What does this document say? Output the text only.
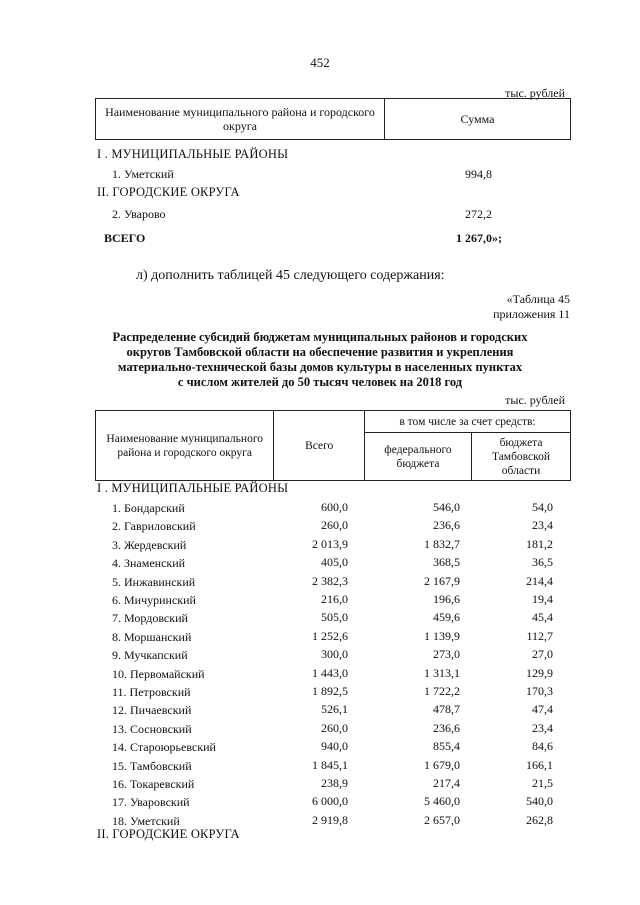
452
тыс. рублей
Наименование муниципального района и городского округа	Сумма
I . МУНИЦИПАЛЬНЫЕ РАЙОНЫ
1. Уметский	994,8
II. ГОРОДСКИЕ ОКРУГА
2. Уварово	272,2
ВСЕГО	1 267,0»;
л) дополнить таблицей 45 следующего содержания:
«Таблица 45
приложения 11
Распределение субсидий бюджетам муниципальных районов и городских
округов Тамбовской области на обеспечение развития и укрепления
материально-технической базы домов культуры в населенных пунктах
с числом жителей до 50 тысяч человек на 2018 год
тыс. рублей
Наименование муниципального района и городского округа	Всего	в том числе за счет средств:	
		федерального бюджета	бюджета Тамбовской области
I . МУНИЦИПАЛЬНЫЕ РАЙОНЫ
1. Бондарский	600,0	546,0	54,0
2. Гавриловский	260,0	236,6	23,4
3. Жердевский	2 013,9	1 832,7	181,2
4. Знаменский	405,0	368,5	36,5
5. Инжавинский	2 382,3	2 167,9	214,4
6. Мичуринский	216,0	196,6	19,4
7. Мордовский	505,0	459,6	45,4
8. Моршанский	1 252,6	1 139,9	112,7
9. Мучкапский	300,0	273,0	27,0
10. Первомайский	1 443,0	1 313,1	129,9
11. Петровский	1 892,5	1 722,2	170,3
12. Пичаевский	526,1	478,7	47,4
13. Сосновский	260,0	236,6	23,4
14. Староюрьевский	940,0	855,4	84,6
15. Тамбовский	1 845,1	1 679,0	166,1
16. Токаревский	238,9	217,4	21,5
17. Уваровский	6 000,0	5 460,0	540,0
18. Уметский	2 919,8	2 657,0	262,8
II. ГОРОДСКИЕ ОКРУГА
